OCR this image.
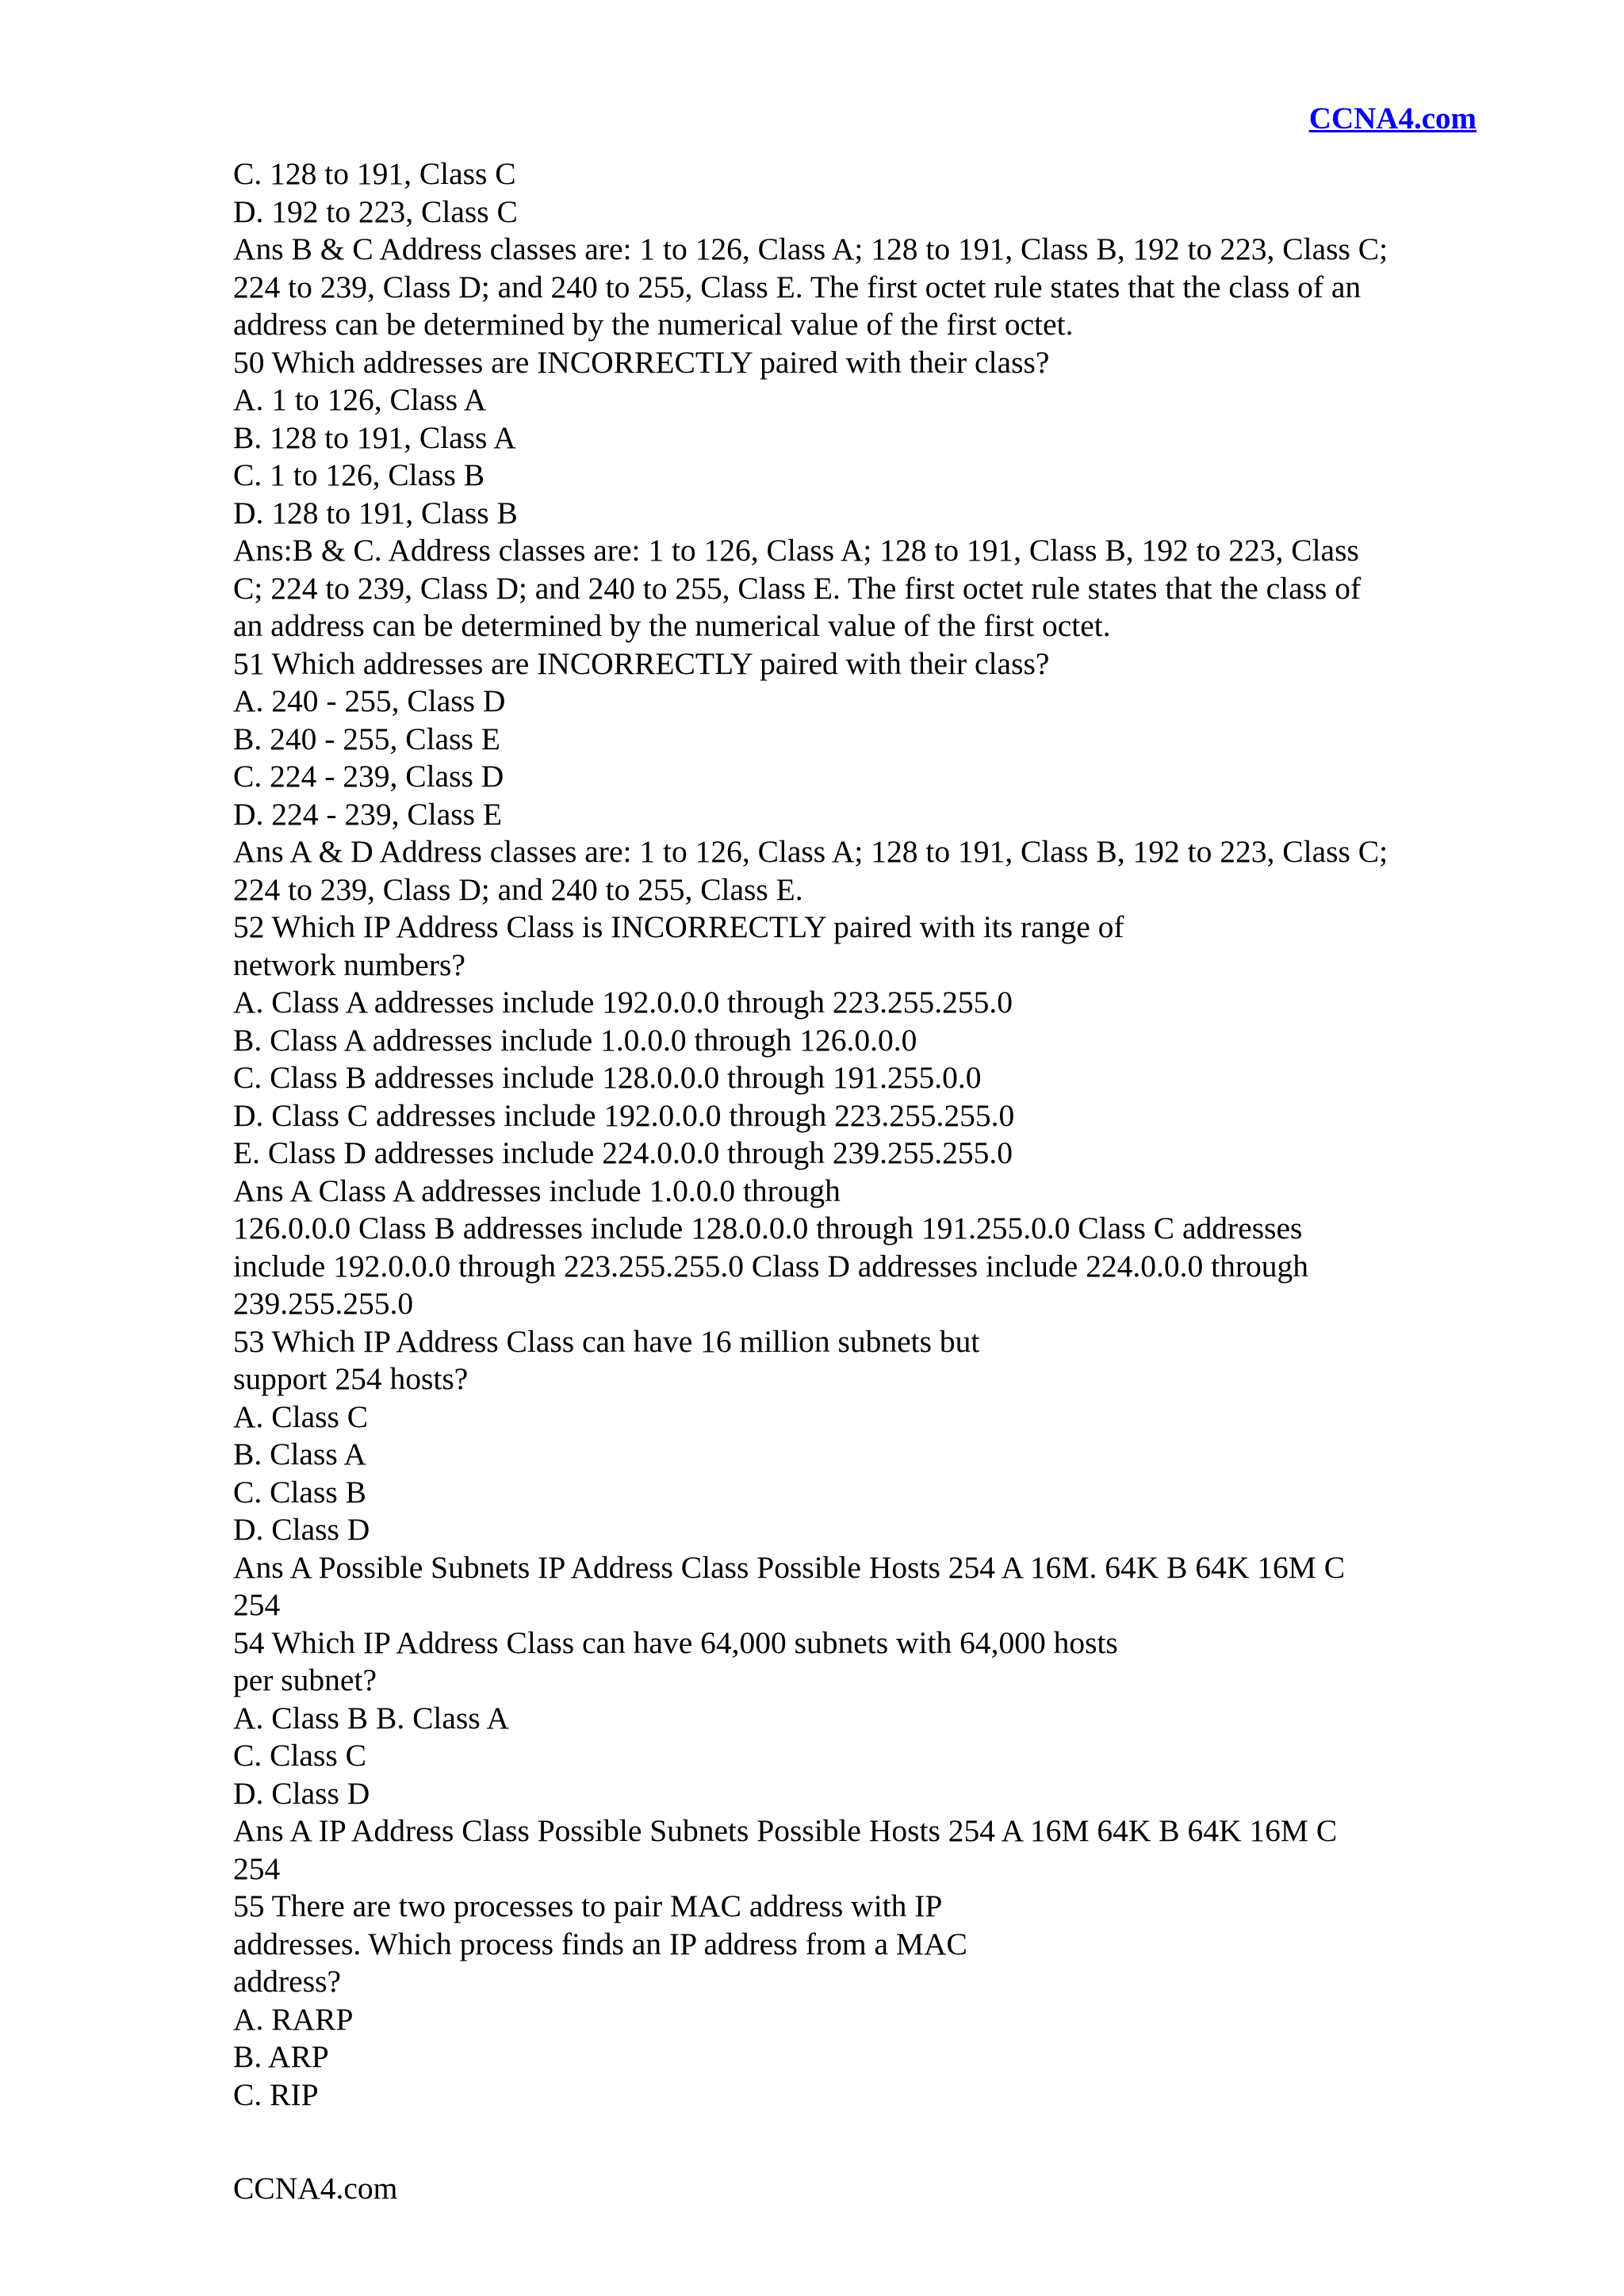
CCNA4.com
C. 128 to 191, Class C
D. 192 to 223, Class C
Ans B & C Address classes are: 1 to 126, Class A; 128 to 191, Class B, 192 to 223, Class C;
224 to 239, Class D; and 240 to 255, Class E. The first octet rule states that the class of an
address can be determined by the numerical value of the first octet.
50 Which addresses are INCORRECTLY paired with their class?
A. 1 to 126, Class A
B. 128 to 191, Class A
C. 1 to 126, Class B
D. 128 to 191, Class B
Ans:B & C. Address classes are: 1 to 126, Class A; 128 to 191, Class B, 192 to 223, Class
C; 224 to 239, Class D; and 240 to 255, Class E. The first octet rule states that the class of
an address can be determined by the numerical value of the first octet.
51 Which addresses are INCORRECTLY paired with their class?
A. 240 - 255, Class D
B. 240 - 255, Class E
C. 224 - 239, Class D
D. 224 - 239, Class E
Ans A & D Address classes are: 1 to 126, Class A; 128 to 191, Class B, 192 to 223, Class C;
224 to 239, Class D; and 240 to 255, Class E.
52 Which IP Address Class is INCORRECTLY paired with its range of
network numbers?
A. Class A addresses include 192.0.0.0 through 223.255.255.0
B. Class A addresses include 1.0.0.0 through 126.0.0.0
C. Class B addresses include 128.0.0.0 through 191.255.0.0
D. Class C addresses include 192.0.0.0 through 223.255.255.0
E. Class D addresses include 224.0.0.0 through 239.255.255.0
Ans A Class A addresses include 1.0.0.0 through
126.0.0.0 Class B addresses include 128.0.0.0 through 191.255.0.0 Class C addresses
include 192.0.0.0 through 223.255.255.0 Class D addresses include 224.0.0.0 through
239.255.255.0
53 Which IP Address Class can have 16 million subnets but
support 254 hosts?
A. Class C
B. Class A
C. Class B
D. Class D
Ans A Possible Subnets IP Address Class Possible Hosts 254 A 16M. 64K B 64K 16M C
254
54 Which IP Address Class can have 64,000 subnets with 64,000 hosts
per subnet?
A. Class B B. Class A
C. Class C
D. Class D
Ans A IP Address Class Possible Subnets Possible Hosts 254 A 16M 64K B 64K 16M C
254
55 There are two processes to pair MAC address with IP
addresses. Which process finds an IP address from a MAC
address?
A. RARP
B. ARP
C. RIP
CCNA4.com
